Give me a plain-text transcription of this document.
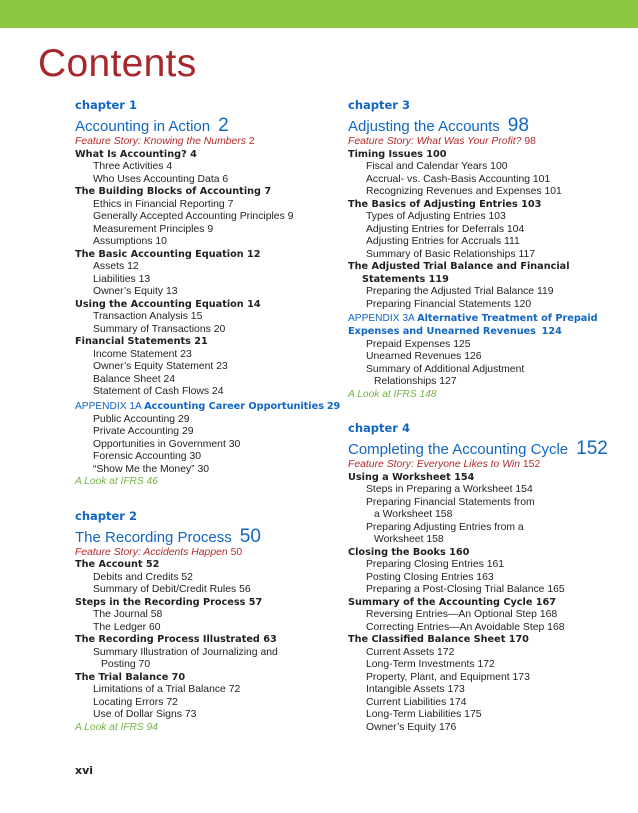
Contents
chapter 1
Accounting in Action 2
Feature Story: Knowing the Numbers 2
What Is Accounting? 4
Three Activities 4
Who Uses Accounting Data 6
The Building Blocks of Accounting 7
Ethics in Financial Reporting 7
Generally Accepted Accounting Principles 9
Measurement Principles 9
Assumptions 10
The Basic Accounting Equation 12
Assets 12
Liabilities 13
Owner’s Equity 13
Using the Accounting Equation 14
Transaction Analysis 15
Summary of Transactions 20
Financial Statements 21
Income Statement 23
Owner’s Equity Statement 23
Balance Sheet 24
Statement of Cash Flows 24
APPENDIX 1A Accounting Career Opportunities 29
Public Accounting 29
Private Accounting 29
Opportunities in Government 30
Forensic Accounting 30
“Show Me the Money” 30
A Look at IFRS 46
chapter 2
The Recording Process 50
Feature Story: Accidents Happen 50
The Account 52
Debits and Credits 52
Summary of Debit/Credit Rules 56
Steps in the Recording Process 57
The Journal 58
The Ledger 60
The Recording Process Illustrated 63
Summary Illustration of Journalizing and
Posting 70
The Trial Balance 70
Limitations of a Trial Balance 72
Locating Errors 72
Use of Dollar Signs 73
A Look at IFRS 94
chapter 3
Adjusting the Accounts 98
Feature Story: What Was Your Profit? 98
Timing Issues 100
Fiscal and Calendar Years 100
Accrual- vs. Cash-Basis Accounting 101
Recognizing Revenues and Expenses 101
The Basics of Adjusting Entries 103
Types of Adjusting Entries 103
Adjusting Entries for Deferrals 104
Adjusting Entries for Accruals 111
Summary of Basic Relationships 117
The Adjusted Trial Balance and Financial
Statements 119
Preparing the Adjusted Trial Balance 119
Preparing Financial Statements 120
APPENDIX 3A Alternative Treatment of Prepaid
Expenses and Unearned Revenues 124
Prepaid Expenses 125
Unearned Revenues 126
Summary of Additional Adjustment
Relationships 127
A Look at IFRS 148
chapter 4
Completing the Accounting Cycle 152
Feature Story: Everyone Likes to Win 152
Using a Worksheet 154
Steps in Preparing a Worksheet 154
Preparing Financial Statements from
a Worksheet 158
Preparing Adjusting Entries from a
Worksheet 158
Closing the Books 160
Preparing Closing Entries 161
Posting Closing Entries 163
Preparing a Post-Closing Trial Balance 165
Summary of the Accounting Cycle 167
Reversing Entries—An Optional Step 168
Correcting Entries—An Avoidable Step 168
The Classified Balance Sheet 170
Current Assets 172
Long-Term Investments 172
Property, Plant, and Equipment 173
Intangible Assets 173
Current Liabilities 174
Long-Term Liabilities 175
Owner’s Equity 176
xvi
